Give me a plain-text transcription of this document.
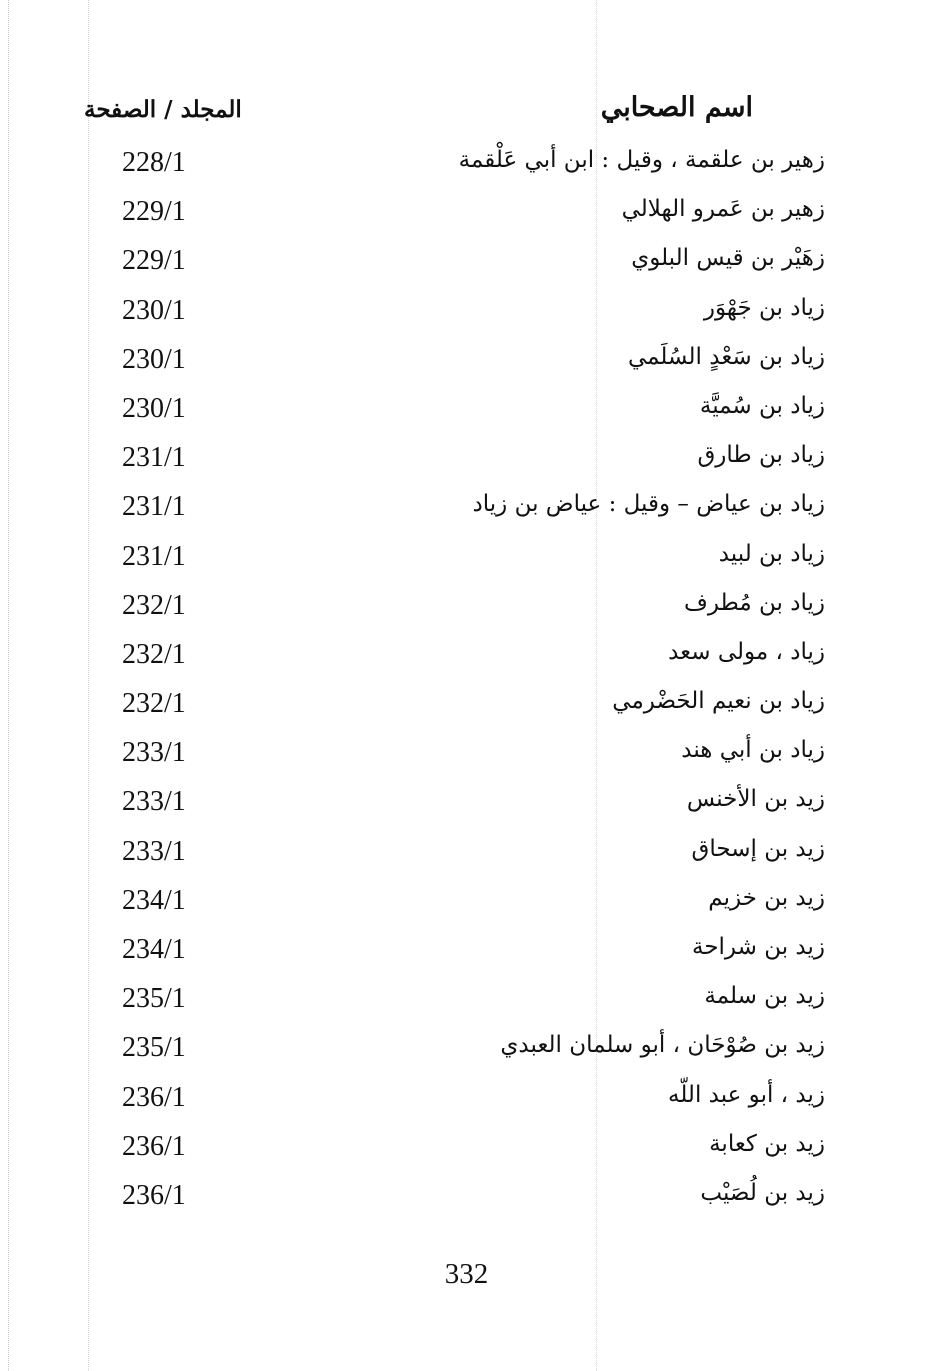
اسم الصحابي
المجلد / الصفحة
زهير بن علقمة ، وقيل : ابن أبي عَلْقمة
228/1
زهير بن عَمرو الهلالي
229/1
زهَيْر بن قيس البلوي
229/1
زياد بن جَهْوَر
230/1
زياد بن سَعْدٍ السُلَمي
230/1
زياد بن سُميَّة
230/1
زياد بن طارق
231/1
زياد بن عياض – وقيل : عياض بن زياد
231/1
زياد بن لبيد
231/1
زياد بن مُطرف
232/1
زياد ، مولى سعد
232/1
زياد بن نعيم الحَضْرمي
232/1
زياد بن أبي هند
233/1
زيد بن الأخنس
233/1
زيد بن إسحاق
233/1
زيد بن خزيم
234/1
زيد بن شراحة
234/1
زيد بن سلمة
235/1
زيد بن صُوْحَان ، أبو سلمان العبدي
235/1
زيد ، أبو عبد اللّه
236/1
زيد بن كعابة
236/1
زيد بن لُصَيْب
236/1
332
